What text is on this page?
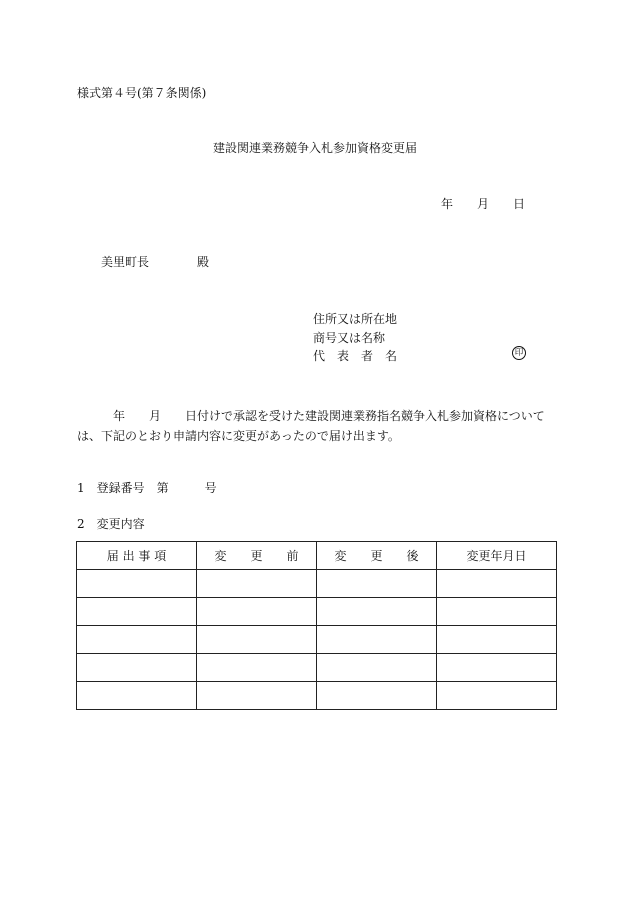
様式第４号(第７条関係)
建設関連業務競争入札参加資格変更届
年　　月　　日
美里町長　　　　殿
住所又は所在地
商号又は名称
代　表　者　名	印
　　　年　　月　　日付けで承認を受けた建設関連業務指名競争入札参加資格について
は、下記のとおり申請内容に変更があったので届け出ます。
1　登録番号　第　　　号
2　変更内容
届 出 事 項	変　　更　　前	変　　更　　後	変更年月日
